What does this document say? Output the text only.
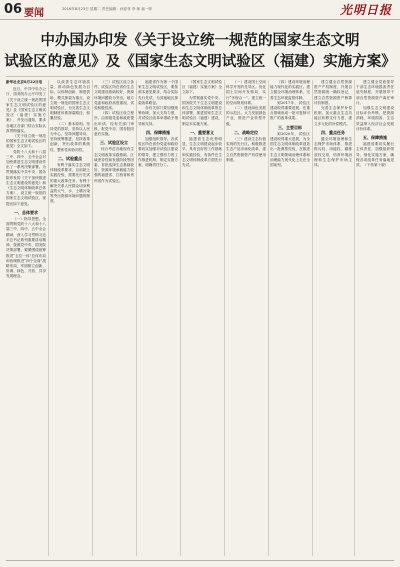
06 要闻	2016年8月23日 星期二 责任编辑：孙爱菲 李 琛 郝一帅	光明日报
中办国办印发《关于设立统一规范的国家生态文明
试验区的意见》及《国家生态文明试验区（福建）实施方案》

新华社北京8月22日电

近日，中共中央办公厅、国务院办公厅印发了《关于设立统一规范的国家生态文明试验区的意见》及《国家生态文明试验区（福建）实施方案》，并发出通知，要求各地区各部门结合实际认真贯彻落实。

《关于设立统一规范的国家生态文明试验区的意见》全文如下。

党的十八大和十八届三中、四中、五中全会对加快推进生态文明建设作出了一系列决策部署。为贯彻落实中共中央、国务院印发的《关于加快推进生态文明建设的意见》和《生态文明体制改革总体方案》，设立统一规范的国家生态文明试验区，现提出如下意见。

一、总体要求

（一）指导思想。全面贯彻党的十八大和十八届三中、四中、五中全会精神，深入学习贯彻习近平总书记系列重要讲话精神，按照党中央、国务院决策部署，紧紧围绕统筹推进“五位一体”总体布局和协调推进“四个全面”战略布局，牢固树立创新、协调、绿色、开放、共享发展理念。

以改善生态环境质量、推动绿色发展为目标，以体制创新、制度供给、模式探索为重点，设立统一规范的国家生态文明试验区，为完善生态文明制度体系探索路径、积累经验。

（二）基本原则。坚持党的领导，坚持以人民为中心，坚持问题导向，坚持统筹推进，坚持改革创新，突出改革的系统性、整体性和协同性。

二、试验重点

有利于落实生态文明体制改革要求，目前缺乏实践经验，需要先行先试的重大改革任务；有利于解决关系人民群众切身利益的大气、水、土壤污染等突出资源环境问题的制度。

（三）试验区设立条件。试验区所在省份生态文明建设基础较好，资源环境问题较为突出，地方党委和政府高度重视、试验积极性高。

（四）试验区设立程序。由省级党委和政府提出申请，经有关部门审核，报党中央、国务院同意后实施。

三、试验区设立

综合考虑各地现有生态文明改革实践基础、区域差异性和发展阶段等因素，首批选择生态基础较好、资源环境承载能力较强的福建省、江西省和贵州省作为试验区。

福建省作为第一个国家生态文明试验区，要按照本意见要求，结合实际先行先试，为其他地区探索改革路径。

各有关部门要加强统筹协调，加大支持力度，对试验区改革举措给予指导和支持。

四、保障措施

加强组织领导。各试验区所在省份党委和政府要切实加强对试验区建设的领导，建立强有力的工作推进机制，制定实施方案，明确责任分工。

《国家生态文明试验区（福建）实施方案》全文如下。

为贯彻落实党中央、国务院关于生态文明建设和生态文明体制改革的总体部署，推进国家生态文明试验区（福建）建设，制定本实施方案。

一、重要意义

福建省生态优势明显，生态文明建设起步较早，具有良好的工作基础和实践经验，有条件在生态文明体制改革方面先行先试。

（一）建设国土空间科学开发的先导区。优化国土空间开发格局，实行“多规合一”，建立统一的空间规划体系。

（二）建设绿色发展的示范区。大力发展绿色产业，推进产业转型升级。

二、战略定位

（三）建设生态价值实现的先行区。积极推进生态产品市场化改革，建立自然资源资产有偿使用制度。

（四）建设环境治理能力现代化的实践区。建立健全环境治理体系，完善生态环境监管体制。

到2017年，试验区建设取得重要进展，在重点领域形成一批可复制可推广的改革成果。

三、主要目标

到2020年，试验区建设取得重大进展，为全国生态文明体制改革创造出一批典型经验，在推进生态文明领域治理体系和治理能力现代化上走在全国前列。

建立健全自然资源资产产权制度，开展自然资源统一确权登记，建立自然资源资产核算评价制度。

完善生态保护补偿机制，加大重点生态功能区转移支付力度，建立多元化的补偿模式。

四、重点任务

健全环境治理和生态保护市场体系，推进排污权、用能权、碳排放权交易，培育环境治理和生态保护市场主体。

建立健全党政领导干部生态环境损害责任追究制度，开展领导干部自然资源资产离任审计。

加强生态文明建设目标评价考核，把资源消耗、环境损害、生态效益纳入经济社会发展评价体系。

五、保障措施

福建省要切实履行主体责任，加强组织领导，细化实施方案，确保各项改革任务落地见效。（下转第十版）
